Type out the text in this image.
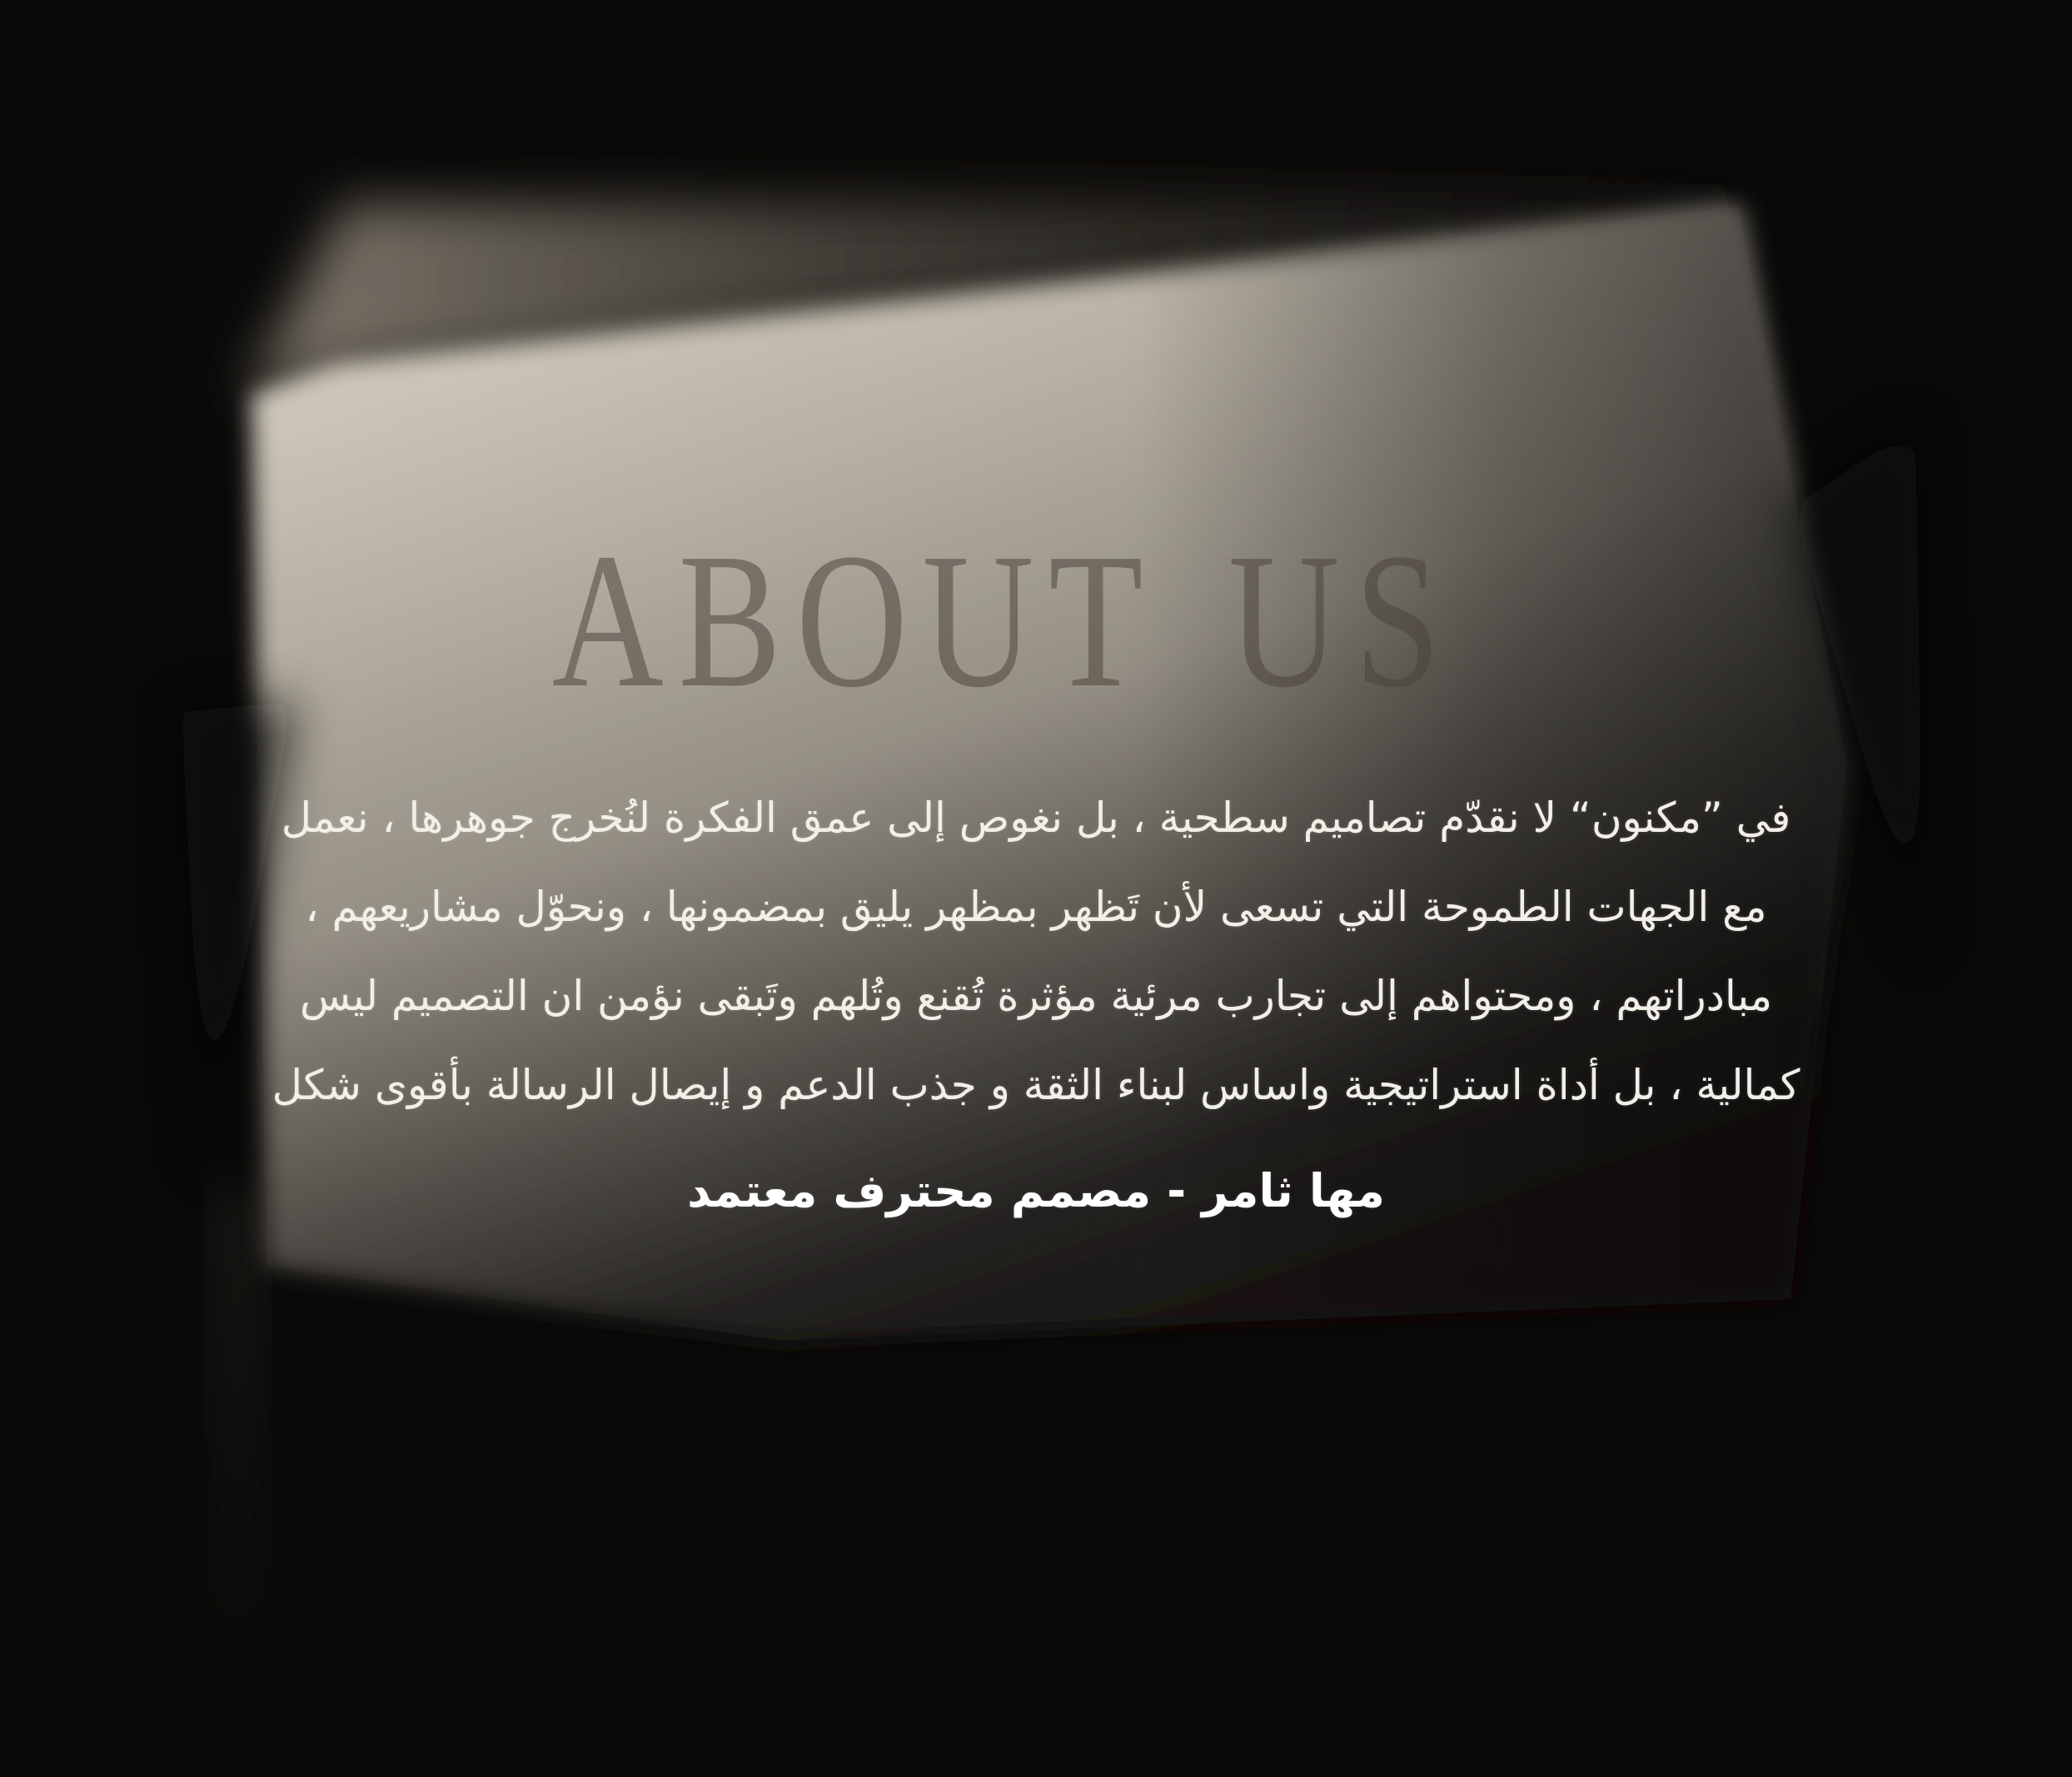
ABOUT US
في ”مكنون“ لا نقدّم تصاميم سطحية ، بل نغوص إلى عمق الفكرة لنُخرج جوهرها ، نعمل
مع الجهات الطموحة التي تسعى لأن تَظهر بمظهر يليق بمضمونها ، ونحوّل مشاريعهم ،
مبادراتهم ، ومحتواهم إلى تجارب مرئية مؤثرة تُقنع وتُلهم وتَبقى نؤمن ان التصميم ليس
كمالية ، بل أداة استراتيجية واساس لبناء الثقة و جذب الدعم و إيصال الرسالة بأقوى شكل
مها ثامر - مصمم محترف معتمد
